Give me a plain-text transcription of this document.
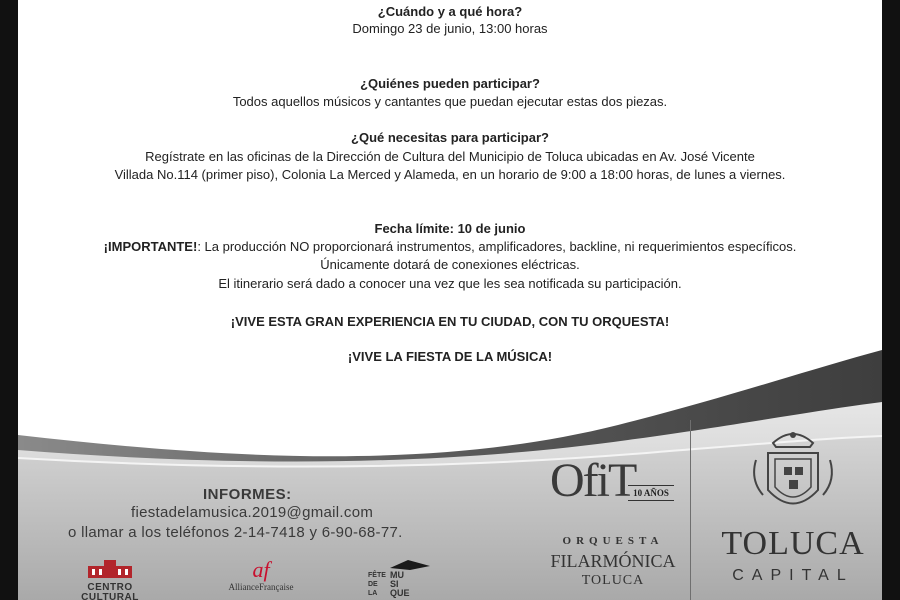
¿Cuándo y a qué hora?
Domingo 23 de junio, 13:00 horas
¿Quiénes pueden participar?
Todos aquellos músicos y cantantes que puedan ejecutar estas dos piezas.
¿Qué necesitas para participar?
Regístrate en las oficinas de la Dirección de Cultura del Municipio de Toluca ubicadas en Av. José Vicente
Villada No.114 (primer piso), Colonia La Merced y Alameda, en un horario de 9:00 a 18:00 horas, de lunes a viernes.
Fecha límite: 10 de junio
¡IMPORTANTE!: La producción NO proporcionará instrumentos, amplificadores, backline, ni requerimientos específicos.
Únicamente dotará de conexiones eléctricas.
El itinerario será dado a conocer una vez que les sea notificada su participación.
¡VIVE ESTA GRAN EXPERIENCIA EN TU CIUDAD, CON TU ORQUESTA!
¡VIVE LA FIESTA DE LA MÚSICA!
INFORMES:
fiestadelamusica.2019@gmail.com
o llamar a los teléfonos 2-14-7418 y 6-90-68-77.
CENTRO
CULTURAL
af
AllianceFrançaise
FÊTE MU
DE SI
LA QUE
OfiT
10 AÑOS
ORQUESTA
FILARMÓNICA
TOLUCA
TOLUCA
CAPITAL
